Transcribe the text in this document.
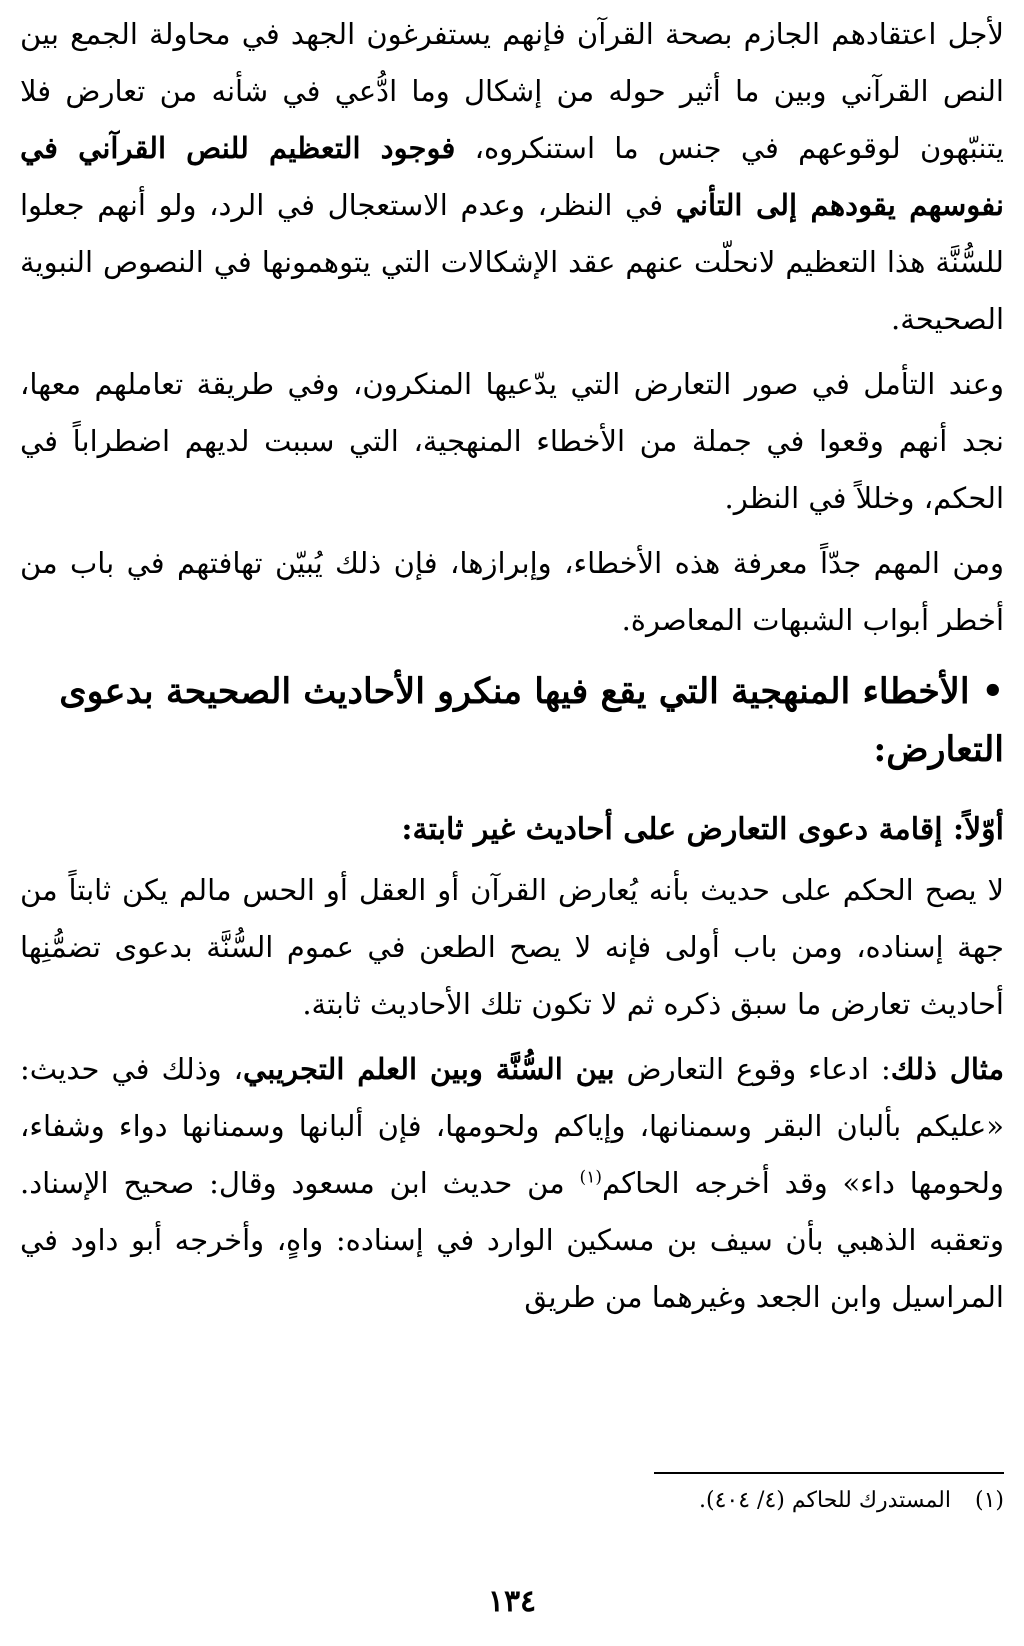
لأجل اعتقادهم الجازم بصحة القرآن فإنهم يستفرغون الجهد في محاولة الجمع بين النص القرآني وبين ما أثير حوله من إشكال وما ادُّعي في شأنه من تعارض فلا يتنبّهون لوقوعهم في جنس ما استنكروه، فوجود التعظيم للنص القرآني في نفوسهم يقودهم إلى التأني في النظر، وعدم الاستعجال في الرد، ولو أنهم جعلوا للسُّنَّة هذا التعظيم لانحلّت عنهم عقد الإشكالات التي يتوهمونها في النصوص النبوية الصحيحة.

وعند التأمل في صور التعارض التي يدّعيها المنكرون، وفي طريقة تعاملهم معها، نجد أنهم وقعوا في جملة من الأخطاء المنهجية، التي سببت لديهم اضطراباً في الحكم، وخللاً في النظر.

ومن المهم جدّاً معرفة هذه الأخطاء، وإبرازها، فإن ذلك يُبيّن تهافتهم في باب من أخطر أبواب الشبهات المعاصرة.

•الأخطاء المنهجية التي يقع فيها منكرو الأحاديث الصحيحة بدعوى التعارض:
أوّلاً: إقامة دعوى التعارض على أحاديث غير ثابتة:

لا يصح الحكم على حديث بأنه يُعارض القرآن أو العقل أو الحس مالم يكن ثابتاً من جهة إسناده، ومن باب أولى فإنه لا يصح الطعن في عموم السُّنَّة بدعوى تضمُّنِها أحاديث تعارض ما سبق ذكره ثم لا تكون تلك الأحاديث ثابتة.

مثال ذلك: ادعاء وقوع التعارض بين السُّنَّة وبين العلم التجريبي، وذلك في حديث: «عليكم بألبان البقر وسمنانها، وإياكم ولحومها، فإن ألبانها وسمنانها دواء وشفاء، ولحومها داء» وقد أخرجه الحاكم$^{(١)}$ من حديث ابن مسعود وقال: صحيح الإسناد. وتعقبه الذهبي بأن سيف بن مسكين الوارد في إسناده: واهٍ، وأخرجه أبو داود في المراسيل وابن الجعد وغيرهما من طريق

(١)المستدرك للحاكم (٤/ ٤٠٤).
١٣٤
